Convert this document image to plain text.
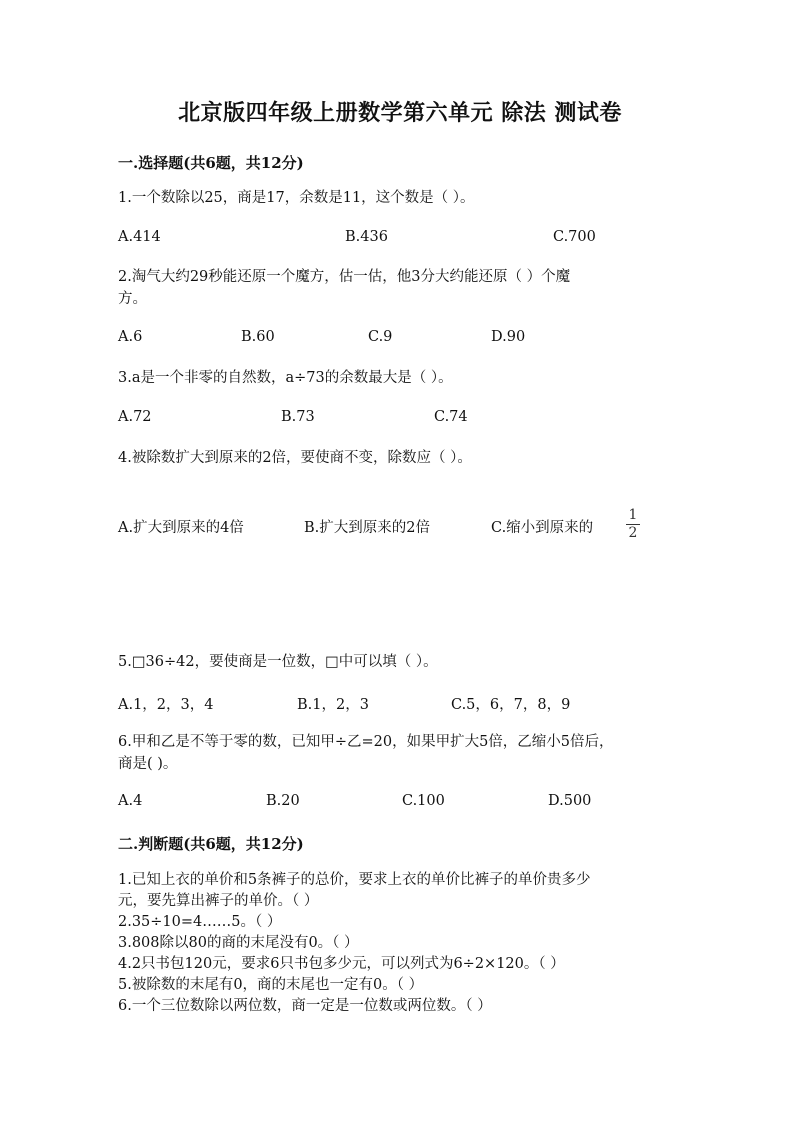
北京版四年级上册数学第六单元 除法 测试卷
一.选择题(共6题，共12分)
1.一个数除以25，商是17，余数是11，这个数是（ ）。
A.414	B.436	C.700
2.淘气大约29秒能还原一个魔方，估一估，他3分大约能还原（ ）个魔
方。
A.6	B.60	C.9	D.90
3.a是一个非零的自然数，a÷73的余数最大是（ ）。
A.72	B.73	C.74
4.被除数扩大到原来的2倍，要使商不变，除数应（ ）。
A.扩大到原来的4倍	B.扩大到原来的2倍	C.缩小到原来的
1
2
5.□36÷42，要使商是一位数，□中可以填（ ）。
A.1，2，3，4	B.1，2，3	C.5，6，7，8，9
6.甲和乙是不等于零的数，已知甲÷乙=20，如果甲扩大5倍，乙缩小5倍后，
商是( )。
A.4	B.20	C.100	D.500
二.判断题(共6题，共12分)
1.已知上衣的单价和5条裤子的总价，要求上衣的单价比裤子的单价贵多少
元，要先算出裤子的单价。（ ）
2.35÷10=4……5。（ ）
3.808除以80的商的末尾没有0。（ ）
4.2只书包120元，要求6只书包多少元，可以列式为6÷2×120。（ ）
5.被除数的末尾有0，商的末尾也一定有0。（ ）
6.一个三位数除以两位数，商一定是一位数或两位数。（ ）
